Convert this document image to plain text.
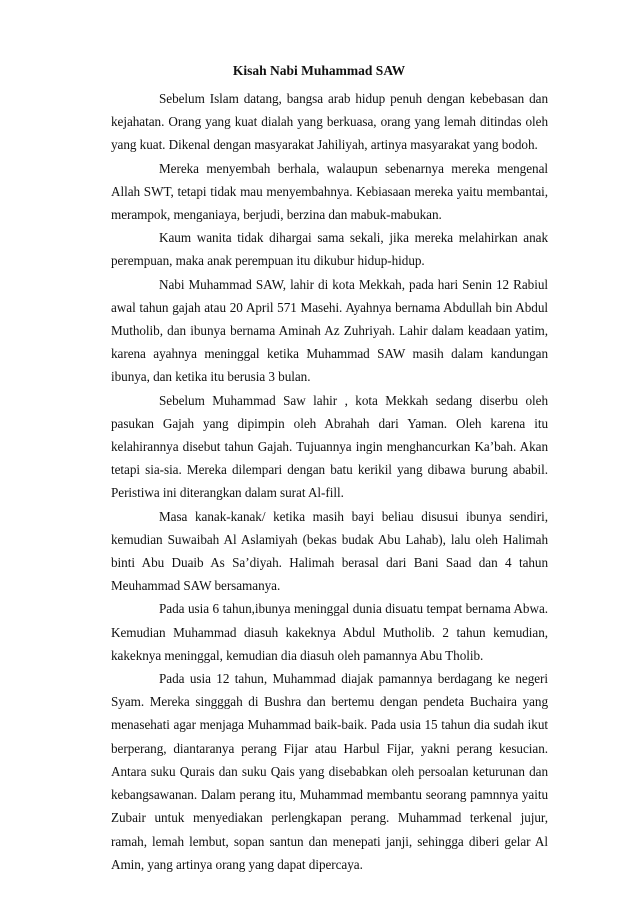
Kisah Nabi Muhammad SAW

Sebelum Islam datang, bangsa arab hidup penuh dengan kebebasan dan kejahatan. Orang yang kuat dialah yang berkuasa, orang yang lemah ditindas oleh yang kuat. Dikenal dengan masyarakat Jahiliyah, artinya masyarakat yang bodoh.

Mereka menyembah berhala, walaupun sebenarnya mereka mengenal Allah SWT, tetapi tidak mau menyembahnya. Kebiasaan mereka yaitu membantai, merampok, menganiaya, berjudi, berzina dan mabuk-mabukan.

Kaum wanita tidak dihargai sama sekali, jika mereka melahirkan anak perempuan, maka anak perempuan itu dikubur hidup-hidup.

Nabi Muhammad SAW, lahir di kota Mekkah, pada hari Senin 12 Rabiul awal tahun gajah atau 20 April 571 Masehi. Ayahnya bernama Abdullah bin Abdul Mutholib, dan ibunya bernama Aminah Az Zuhriyah. Lahir dalam keadaan yatim, karena ayahnya meninggal ketika Muhammad SAW masih dalam kandungan ibunya, dan ketika itu berusia 3 bulan.

Sebelum Muhammad Saw lahir , kota Mekkah sedang diserbu oleh pasukan Gajah yang dipimpin oleh Abrahah dari Yaman. Oleh karena itu kelahirannya disebut tahun Gajah. Tujuannya ingin menghancurkan Ka’bah. Akan tetapi sia-sia. Mereka dilempari dengan batu kerikil yang dibawa burung ababil. Peristiwa ini diterangkan dalam surat Al-fill.

Masa kanak-kanak/ ketika masih bayi beliau disusui ibunya sendiri, kemudian Suwaibah Al Aslamiyah (bekas budak Abu Lahab), lalu oleh Halimah binti Abu Duaib As Sa’diyah. Halimah berasal dari Bani Saad dan 4 tahun Meuhammad SAW bersamanya.

Pada usia 6 tahun,ibunya meninggal dunia disuatu tempat bernama Abwa. Kemudian Muhammad diasuh kakeknya Abdul Mutholib. 2 tahun kemudian, kakeknya meninggal, kemudian dia diasuh oleh pamannya Abu Tholib.

Pada usia 12 tahun, Muhammad diajak pamannya berdagang ke negeri Syam. Mereka singggah di Bushra dan bertemu dengan pendeta Buchaira yang menasehati agar menjaga Muhammad baik-baik. Pada usia 15 tahun dia sudah ikut berperang, diantaranya perang Fijar atau Harbul Fijar, yakni perang kesucian. Antara suku Qurais dan suku Qais yang disebabkan oleh persoalan keturunan dan kebangsawanan. Dalam perang itu, Muhammad membantu seorang pamnnya yaitu Zubair untuk menyediakan perlengkapan perang. Muhammad terkenal jujur, ramah, lemah lembut, sopan santun dan menepati janji, sehingga diberi gelar Al Amin, yang artinya orang yang dapat dipercaya.
